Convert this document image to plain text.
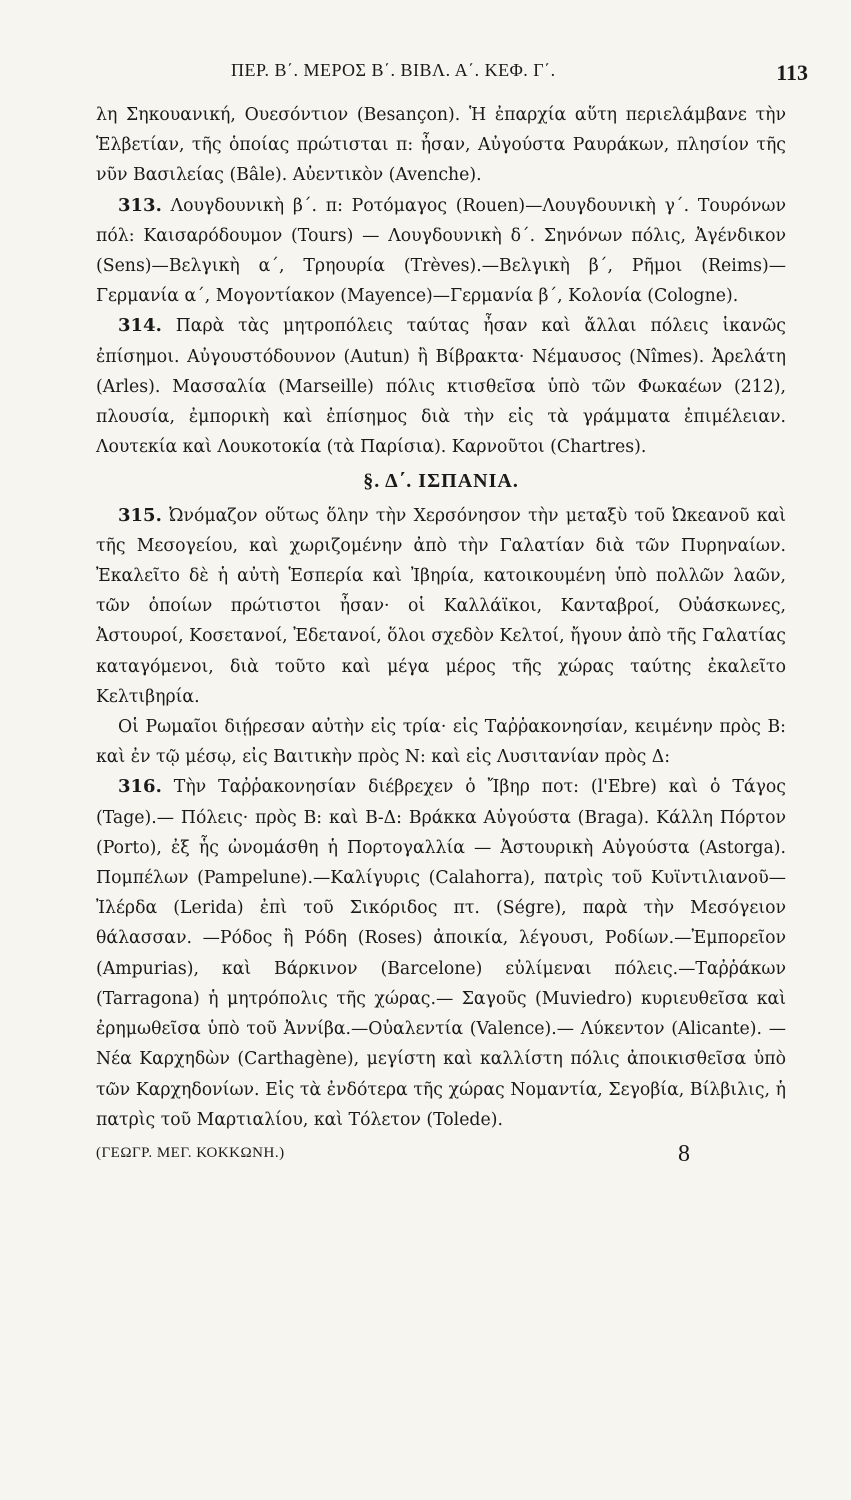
ΠΕΡ. Β΄. ΜΕΡΟΣ Β΄. ΒΙΒΛ. Α΄. ΚΕΦ. Γ΄.	113

λη Σηκουανική, Ουεσόντιον (Besançon). Ἡ ἐπαρχία αὕτη περιελάμβανε τὴν Ἑλβετίαν, τῆς ὁποίας πρώτισται π: ἦσαν, Αὐγούστα Ραυράκων, πλησίον τῆς νῦν Βασιλείας (Bâle). Αὐεντικὸν (Avenche).

313. Λουγδουνικὴ β΄. π: Ροτόμαγος (Rouen)—Λουγδουνικὴ γ΄. Τουρόνων πόλ: Καισαρόδουμον (Tours) — Λουγδουνικὴ δ΄. Σηνόνων πόλις, Ἀγένδικον (Sens)—Βελγικὴ α΄, Τρηουρία (Trèves).—Βελγικὴ β΄, Ρῆμοι (Reims)—Γερμανία α΄, Μογοντίακον (Mayence)—Γερμανία β΄, Κολονία (Cologne).

314. Παρὰ τὰς μητροπόλεις ταύτας ἦσαν καὶ ἄλλαι πόλεις ἱκανῶς ἐπίσημοι. Αὐγουστόδουνον (Autun) ἢ Βίβρακτα· Νέμαυσος (Nîmes). Ἀρελάτη (Arles). Μασσαλία (Marseille) πόλις κτισθεῖσα ὑπὸ τῶν Φωκαέων (212), πλουσία, ἐμπορικὴ καὶ ἐπίσημος διὰ τὴν εἰς τὰ γράμματα ἐπιμέλειαν. Λουτεκία καὶ Λουκοτοκία (τὰ Παρίσια). Καρνοῦτοι (Chartres).

§. Δ΄. ΙΣΠΑΝΙΑ.

315. Ὠνόμαζον οὕτως ὅλην τὴν Χερσόνησον τὴν μεταξὺ τοῦ Ὠκεανοῦ καὶ τῆς Μεσογείου, καὶ χωριζομένην ἀπὸ τὴν Γαλατίαν διὰ τῶν Πυρηναίων. Ἐκαλεῖτο δὲ ἡ αὐτὴ Ἑσπερία καὶ Ἰβηρία, κατοικουμένη ὑπὸ πολλῶν λαῶν, τῶν ὁποίων πρώτιστοι ἦσαν· οἱ Καλλάϊκοι, Κανταβροί, Οὐάσκωνες, Ἀστουροί, Κοσετανοί, Ἐδετανοί, ὅλοι σχεδὸν Κελτοί, ἤγουν ἀπὸ τῆς Γαλατίας καταγόμενοι, διὰ τοῦτο καὶ μέγα μέρος τῆς χώρας ταύτης ἐκαλεῖτο Κελτιβηρία.

Οἱ Ρωμαῖοι διῄρεσαν αὐτὴν εἰς τρία· εἰς Ταῤῥακονησίαν, κειμένην πρὸς Β: καὶ ἐν τῷ μέσῳ, εἰς Βαιτικὴν πρὸς Ν: καὶ εἰς Λυσιτανίαν πρὸς Δ:

316. Τὴν Ταῤῥακονησίαν διέβρεχεν ὁ Ἴβηρ ποτ: (l'Ebre) καὶ ὁ Τάγος (Tage).— Πόλεις· πρὸς Β: καὶ Β-Δ: Βράκκα Αὐγούστα (Braga). Κάλλη Πόρτον (Porto), ἐξ ἧς ὠνομάσθη ἡ Πορτογαλλία — Ἀστουρικὴ Αὐγούστα (Astorga). Πομπέλων (Pampelune).—Καλίγυρις (Calahorra), πατρὶς τοῦ Κυϊντιλιανοῦ—Ἰλέρδα (Lerida) ἐπὶ τοῦ Σικόριδος πτ. (Ségre), παρὰ τὴν Μεσόγειον θάλασσαν. —Ρόδος ἢ Ρόδη (Roses) ἀποικία, λέγουσι, Ροδίων.—Ἐμπορεῖον (Ampurias), καὶ Βάρκινον (Barcelone) εὐλίμεναι πόλεις.—Ταῤῥάκων (Tarragona) ἡ μητρόπολις τῆς χώρας.— Σαγοῦς (Muviedro) κυριευθεῖσα καὶ ἐρημωθεῖσα ὑπὸ τοῦ Ἀννίβα.—Οὐαλεντία (Valence).— Λύκεντον (Alicante). — Νέα Καρχηδὼν (Carthagène), μεγίστη καὶ καλλίστη πόλις ἀποικισθεῖσα ὑπὸ τῶν Καρχηδονίων. Εἰς τὰ ἐνδότερα τῆς χώρας Νομαντία, Σεγοβία, Βίλβιλις, ἡ πατρὶς τοῦ Μαρτιαλίου, καὶ Τόλετον (Tolede).

(ΓΕΩΓΡ. ΜΕΓ. ΚΟΚΚΩΝΗ.)	8
